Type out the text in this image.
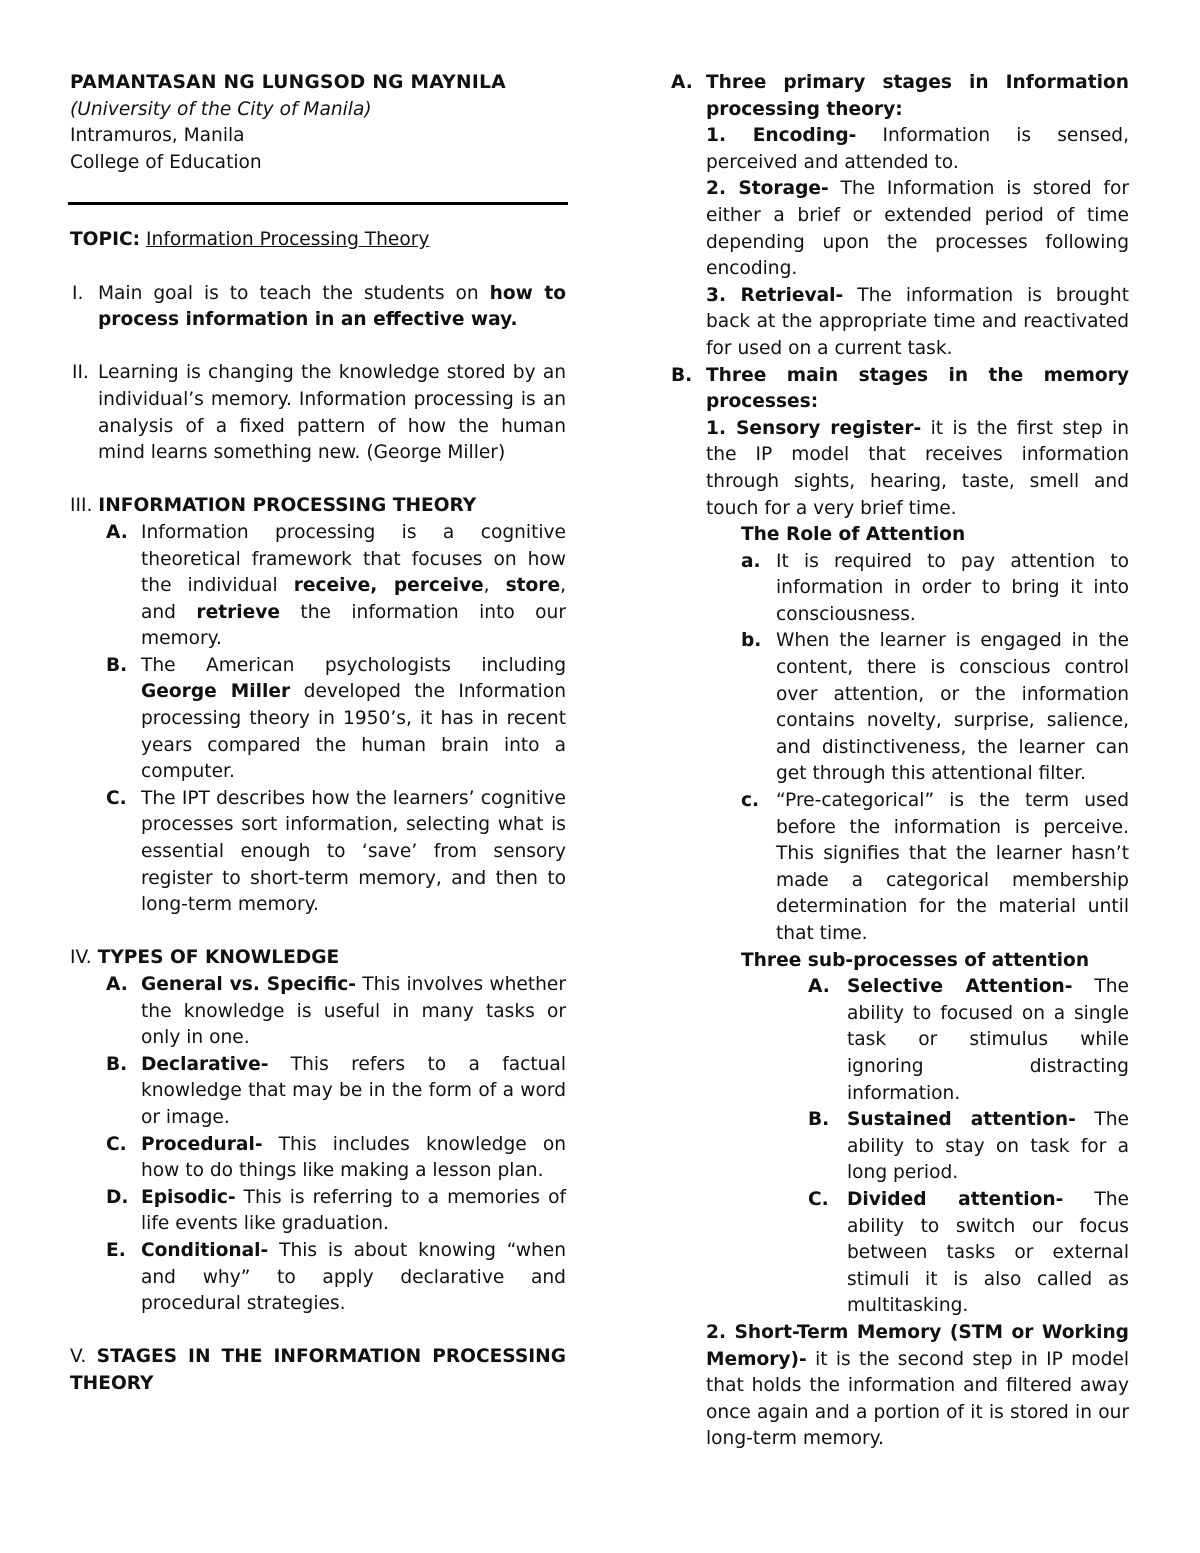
PAMANTASAN NG LUNGSOD NG MAYNILA

(University of the City of Manila)

Intramuros, Manila

College of Education

TOPIC: Information Processing Theory

I. Main goal is to teach the students on how to process information in an effective way.
II. Learning is changing the knowledge stored by an individual’s memory. Information processing is an analysis of a fixed pattern of how the human mind learns something new. (George Miller)

III. INFORMATION PROCESSING THEORY

A. Information processing is a cognitive theoretical framework that focuses on how the individual receive, perceive, store, and retrieve the information into our memory.
B. The American psychologists including George Miller developed the Information processing theory in 1950’s, it has in recent years compared the human brain into a computer.
C. The IPT describes how the learners’ cognitive processes sort information, selecting what is essential enough to ‘save’ from sensory register to short-term memory, and then to long-term memory.

IV. TYPES OF KNOWLEDGE

A. General vs. Specific- This involves whether the knowledge is useful in many tasks or only in one.
B. Declarative- This refers to a factual knowledge that may be in the form of a word or image.
C. Procedural- This includes knowledge on how to do things like making a lesson plan.
D. Episodic- This is referring to a memories of life events like graduation.
E. Conditional- This is about knowing “when and why” to apply declarative and procedural strategies.

V. STAGES IN THE INFORMATION PROCESSING THEORY

A. Three primary stages in Information processing theory:
1. Encoding- Information is sensed, perceived and attended to.
2. Storage- The Information is stored for either a brief or extended period of time depending upon the processes following encoding.
3. Retrieval- The information is brought back at the appropriate time and reactivated for used on a current task.
B. Three main stages in the memory processes:
1. Sensory register- it is the first step in the IP model that receives information through sights, hearing, taste, smell and touch for a very brief time.

The Role of Attention

a. It is required to pay attention to information in order to bring it into consciousness.
b. When the learner is engaged in the content, there is conscious control over attention, or the information contains novelty, surprise, salience, and distinctiveness, the learner can get through this attentional filter.
c. “Pre-categorical” is the term used before the information is perceive. This signifies that the learner hasn’t made a categorical membership determination for the material until that time.

Three sub-processes of attention

A. Selective Attention- The ability to focused on a single task or stimulus while ignoring distracting information.
B. Sustained attention- The ability to stay on task for a long period.
C. Divided attention- The ability to switch our focus between tasks or external stimuli it is also called as multitasking.
2. Short-Term Memory (STM or Working Memory)- it is the second step in IP model that holds the information and filtered away once again and a portion of it is stored in our long-term memory.
